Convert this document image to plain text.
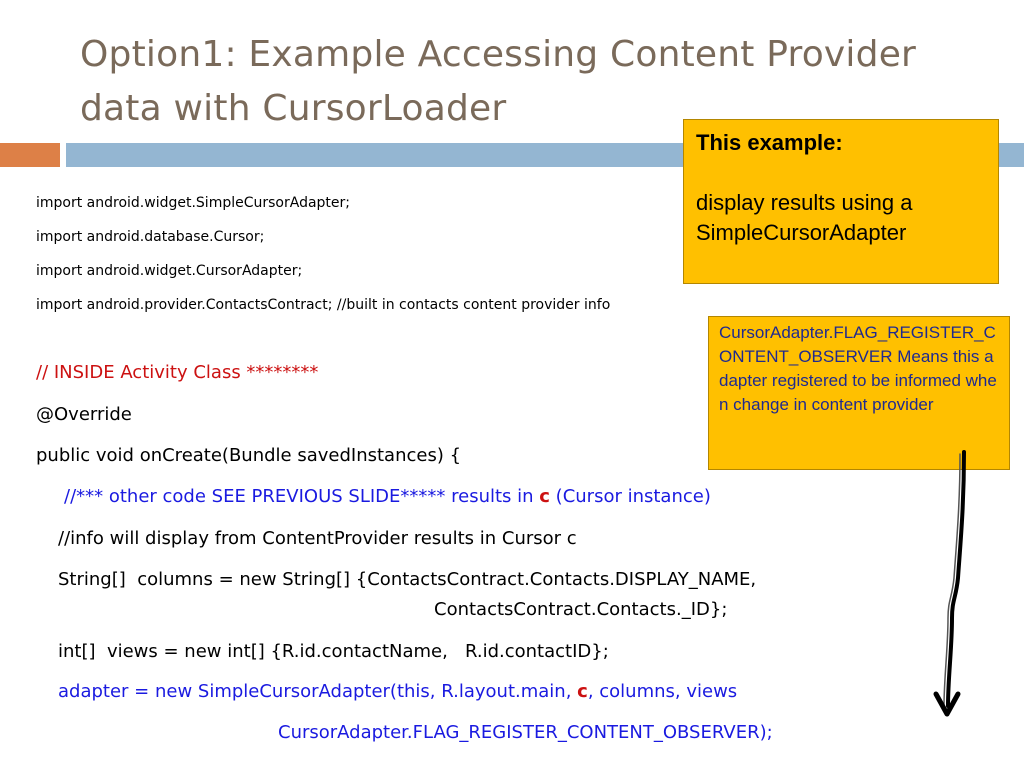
Option1: Example Accessing Content Provider
data with CursorLoader
This example:
display results using a SimpleCursorAdapter
CursorAdapter.FLAG_REGISTER_CONTENT_OBSERVER Means this adapter registered to be informed when change in content provider
import android.widget.SimpleCursorAdapter;
import android.database.Cursor;
import android.widget.CursorAdapter;
import android.provider.ContactsContract; //built in contacts content provider info
// INSIDE Activity Class ********
@Override
public void onCreate(Bundle savedInstances) {
//*** other code SEE PREVIOUS SLIDE***** results in c (Cursor instance)
//info will display from ContentProvider results in Cursor c
String[]  columns = new String[] {ContactsContract.Contacts.DISPLAY_NAME,
ContactsContract.Contacts._ID};
int[]  views = new int[] {R.id.contactName,   R.id.contactID};
adapter = new SimpleCursorAdapter(this, R.layout.main, c, columns, views
CursorAdapter.FLAG_REGISTER_CONTENT_OBSERVER);
